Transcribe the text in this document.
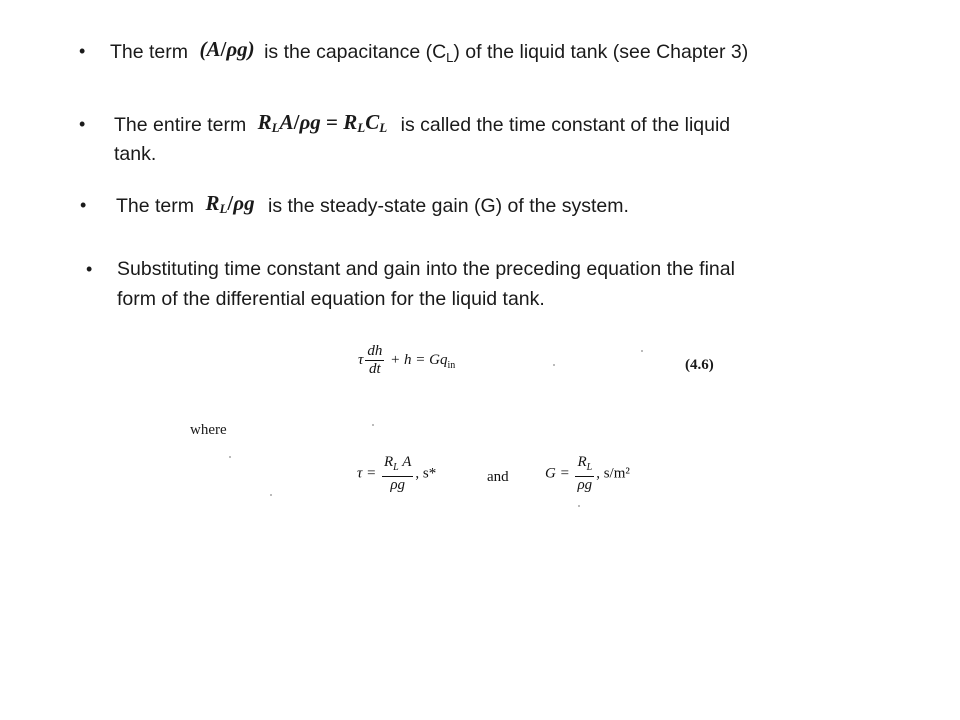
• The term (A/ρg) is the capacitance $(C_L)$ of the liquid tank (see Chapter 3)
• The entire term $R_LA/\rho g = R_LC_L$ is called the time constant of the liquid
tank.
• The term $R_L/\rho g$ is the steady-state gain (G) of the system.
• Substituting time constant and gain into the preceding equation the final
form of the differential equation for the liquid tank.
τ $\frac{dh}{dt} + h = Gq_{in}$	(4.6)
where
$\tau = \frac{R_L A}{\rho g}$ , s*	and $G = \frac{R_L}{\rho g}$ , s/m²
